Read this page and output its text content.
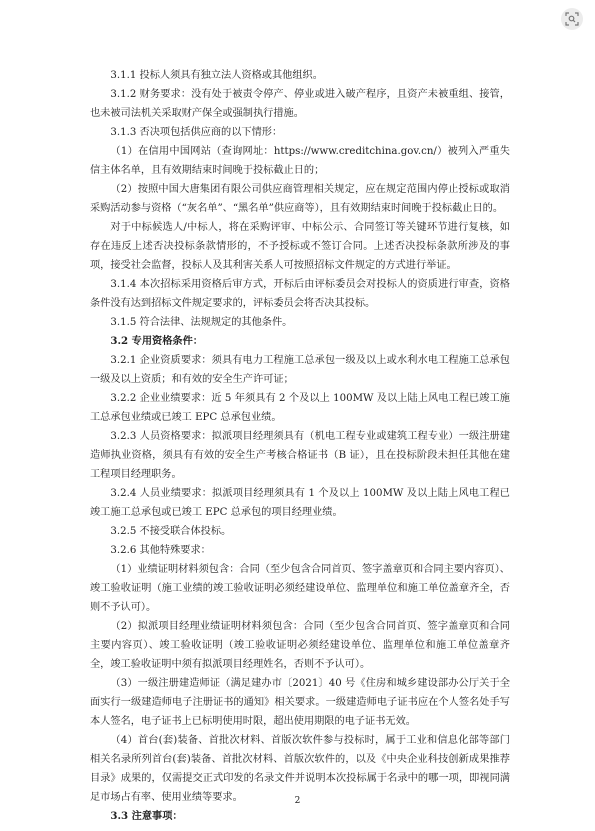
3.1.1 投标人须具有独立法人资格或其他组织。

3.1.2 财务要求：没有处于被责令停产、停业或进入破产程序，且资产未被重组、接管，也未被司法机关采取财产保全或强制执行措施。

3.1.3 否决项包括供应商的以下情形：

（1）在信用中国网站（查询网址：https://www.creditchina.gov.cn/）被列入严重失信主体名单，且有效期结束时间晚于投标截止日的；

（2）按照中国大唐集团有限公司供应商管理相关规定，应在规定范围内停止授标或取消采购活动参与资格（“灰名单”、“黑名单”供应商等），且有效期结束时间晚于投标截止日的。

对于中标候选人/中标人，将在采购评审、中标公示、合同签订等关键环节进行复核，如存在违反上述否决投标条款情形的，不予授标或不签订合同。上述否决投标条款所涉及的事项，接受社会监督，投标人及其利害关系人可按照招标文件规定的方式进行举证。

3.1.4 本次招标采用资格后审方式，开标后由评标委员会对投标人的资质进行审查，资格条件没有达到招标文件规定要求的，评标委员会将否决其投标。

3.1.5 符合法律、法规规定的其他条件。

3.2 专用资格条件：

3.2.1 企业资质要求：须具有电力工程施工总承包一级及以上或水利水电工程施工总承包一级及以上资质；和有效的安全生产许可证；

3.2.2 企业业绩要求：近 5 年须具有 2 个及以上 100MW 及以上陆上风电工程已竣工施工总承包业绩或已竣工 EPC 总承包业绩。

3.2.3 人员资格要求：拟派项目经理须具有（机电工程专业或建筑工程专业）一级注册建造师执业资格，须具有有效的安全生产考核合格证书（B 证），且在投标阶段未担任其他在建工程项目经理职务。

3.2.4 人员业绩要求：拟派项目经理须具有 1 个及以上 100MW 及以上陆上风电工程已竣工施工总承包或已竣工 EPC 总承包的项目经理业绩。

3.2.5 不接受联合体投标。

3.2.6 其他特殊要求：

（1）业绩证明材料须包含：合同（至少包含合同首页、签字盖章页和合同主要内容页）、竣工验收证明（施工业绩的竣工验收证明必须经建设单位、监理单位和施工单位盖章齐全，否则不予认可）。

（2）拟派项目经理业绩证明材料须包含：合同（至少包含合同首页、签字盖章页和合同主要内容页）、竣工验收证明（竣工验收证明必须经建设单位、监理单位和施工单位盖章齐全，竣工验收证明中须有拟派项目经理姓名，否则不予认可）。

（3）一级注册建造师证（满足建办市〔2021〕40 号《住房和城乡建设部办公厅关于全面实行一级建造师电子注册证书的通知》相关要求。一级建造师电子证书应在个人签名处手写本人签名，电子证书上已标明使用时限，超出使用期限的电子证书无效。

（4）首台(套)装备、首批次材料、首版次软件参与投标时，属于工业和信息化部等部门相关名录所列首台(套)装备、首批次材料、首版次软件的，以及《中央企业科技创新成果推荐目录》成果的，仅需提交正式印发的名录文件并说明本次投标属于名录中的哪一项，即视同满足市场占有率、使用业绩等要求。

3.3 注意事项：

2
